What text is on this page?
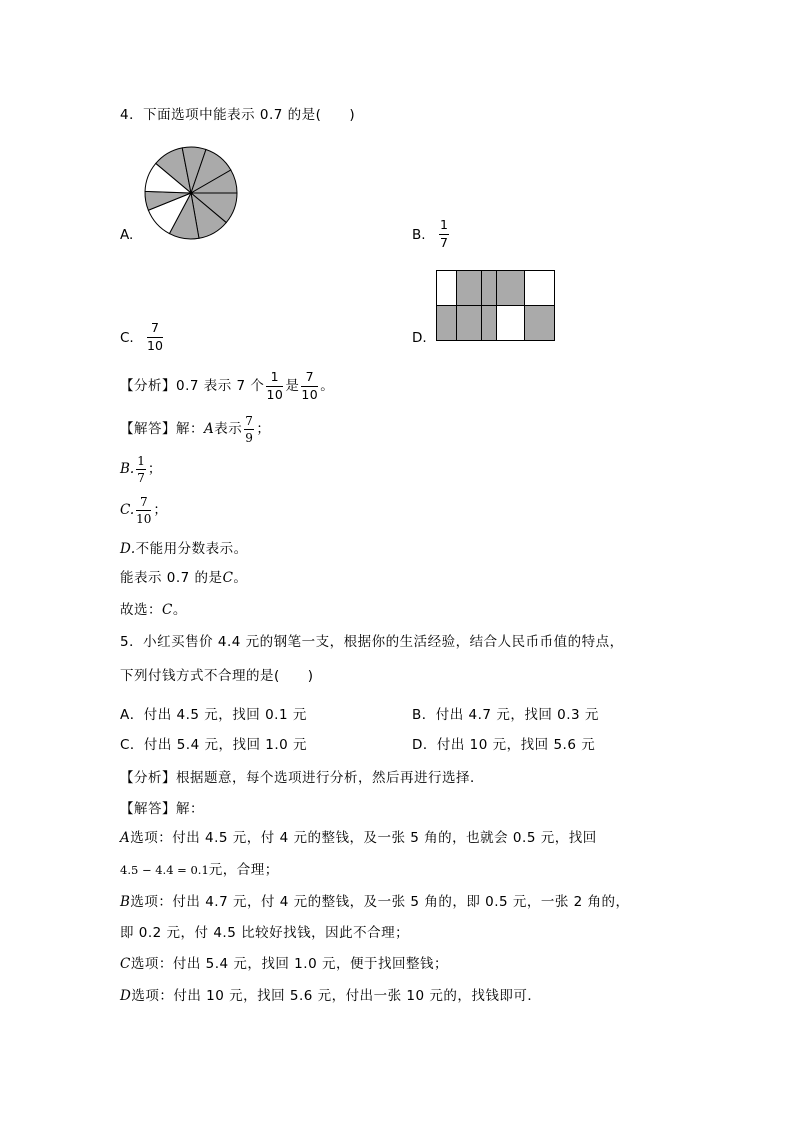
4．下面选项中能表示 0.7 的是(　　)
A.	B. $\frac{1}{7}$
C. $\frac{7}{10}$	D.
【分析】0.7 表示 7 个 $\frac{1}{10}$ 是 $\frac{7}{10}$ 。
【解答】解：A表示 $\frac{7}{9}$ ；
B. $\frac{1}{7}$ ；
C. $\frac{7}{10}$ ；
D.不能用分数表示。
能表示 0.7 的是C。
故选：C。
5．小红买售价 4.4 元的钢笔一支，根据你的生活经验，结合人民币币值的特点，
下列付钱方式不合理的是(　　)
A．付出 4.5 元，找回 0.1 元	B．付出 4.7 元，找回 0.3 元
C．付出 5.4 元，找回 1.0 元	D．付出 10 元，找回 5.6 元
【分析】根据题意，每个选项进行分析，然后再进行选择．
【解答】解：
A选项：付出 4.5 元，付 4 元的整钱，及一张 5 角的，也就会 0.5 元，找回
4.5 − 4.4 = 0.1元，合理；
B选项：付出 4.7 元，付 4 元的整钱，及一张 5 角的，即 0.5 元，一张 2 角的，
即 0.2 元，付 4.5 比较好找钱，因此不合理；
C选项：付出 5.4 元，找回 1.0 元，便于找回整钱；
D选项：付出 10 元，找回 5.6 元，付出一张 10 元的，找钱即可．
